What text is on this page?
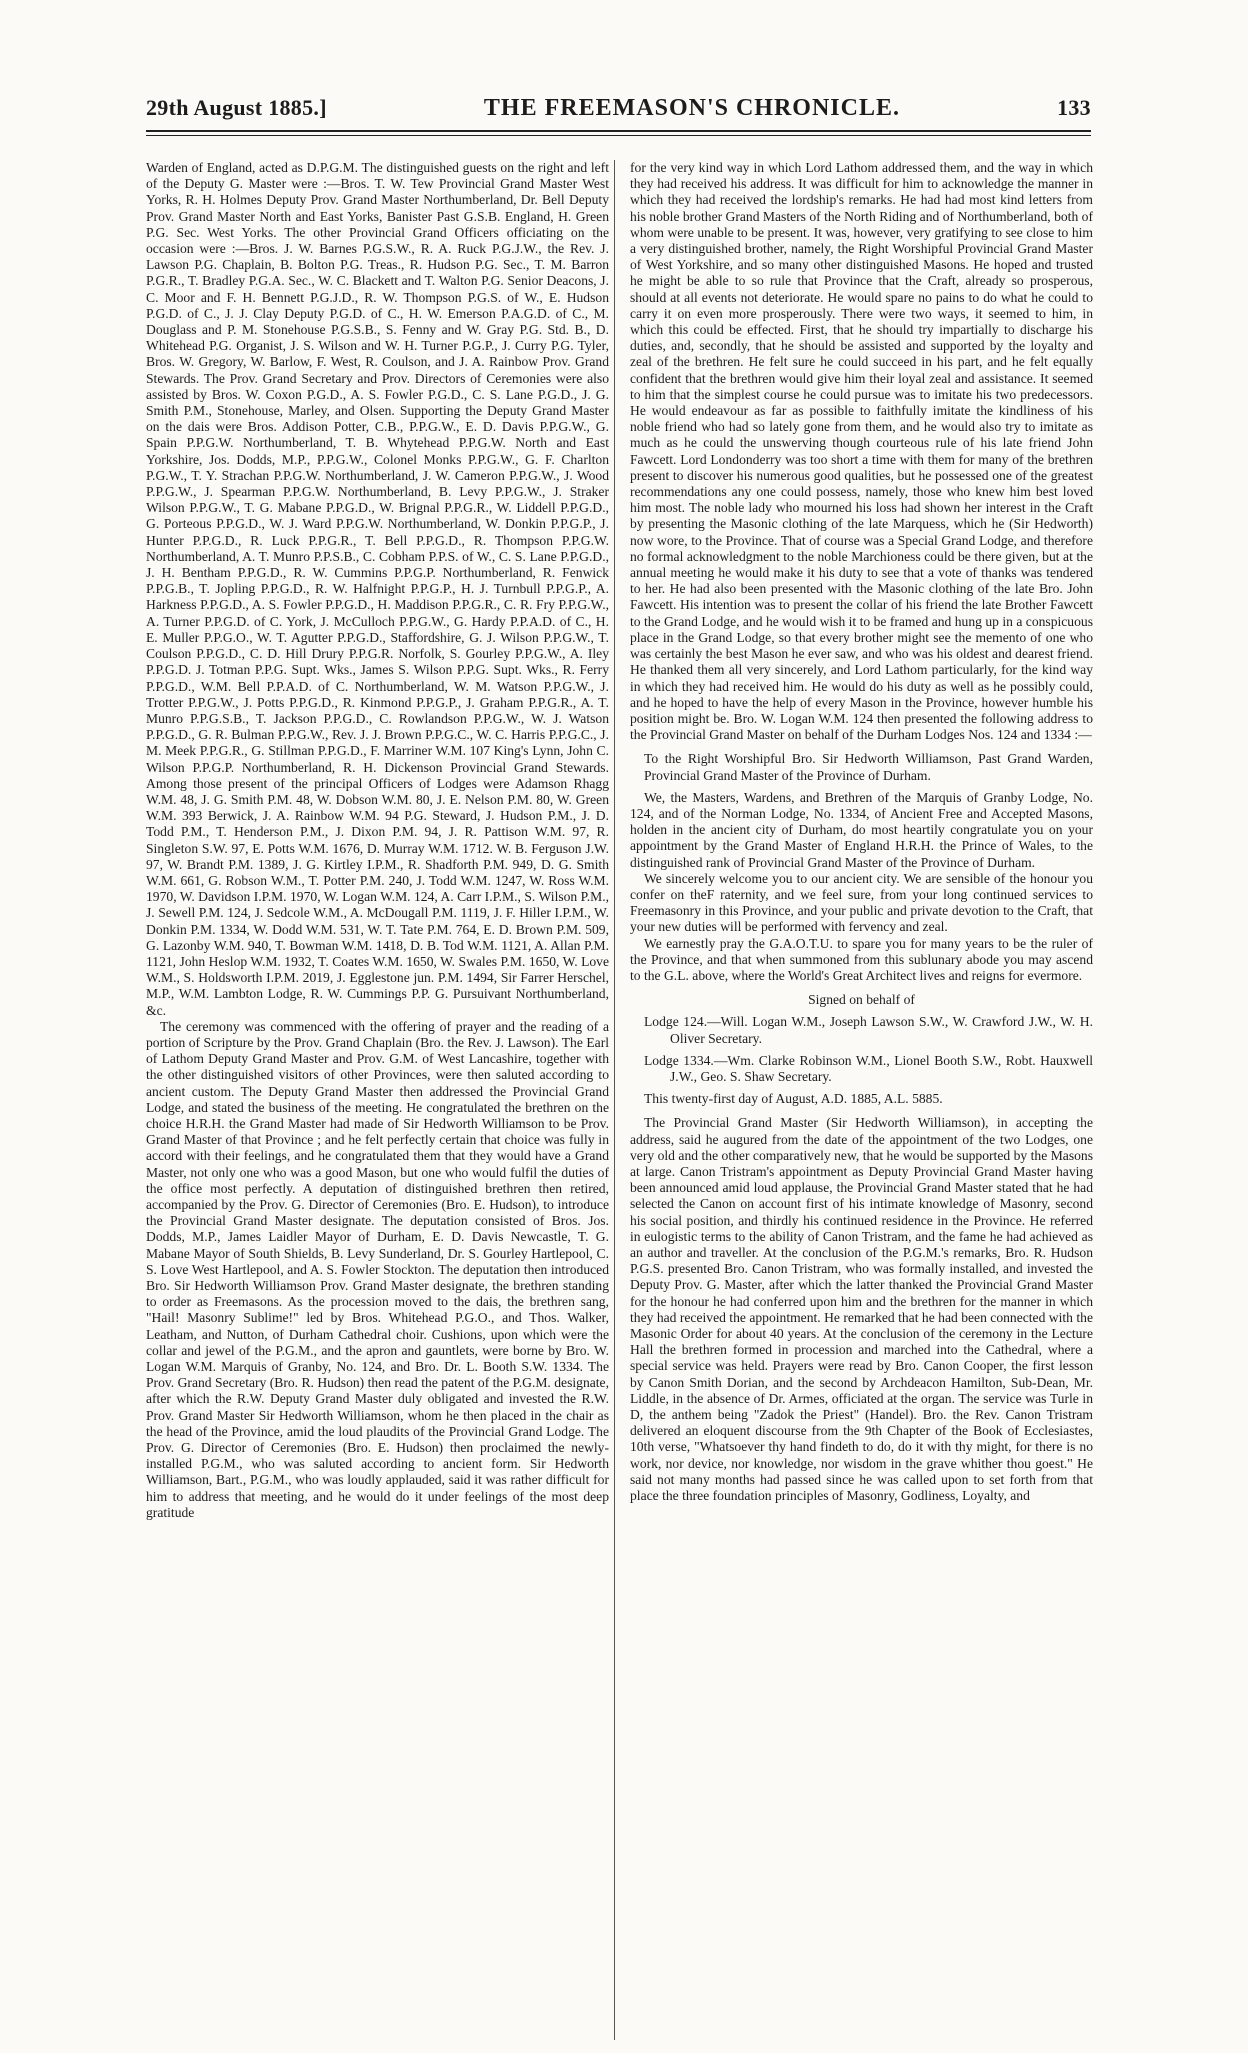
29th August 1885.]	THE FREEMASON'S CHRONICLE.	133

Warden of England, acted as D.P.G.M. The distinguished guests on the right and left of the Deputy G. Master were :—Bros. T. W. Tew Provincial Grand Master West Yorks, R. H. Holmes Deputy Prov. Grand Master Northumberland, Dr. Bell Deputy Prov. Grand Master North and East Yorks, Banister Past G.S.B. England, H. Green P.G. Sec. West Yorks. The other Provincial Grand Officers officiating on the occasion were :—Bros. J. W. Barnes P.G.S.W., R. A. Ruck P.G.J.W., the Rev. J. Lawson P.G. Chaplain, B. Bolton P.G. Treas., R. Hudson P.G. Sec., T. M. Barron P.G.R., T. Bradley P.G.A. Sec., W. C. Blackett and T. Walton P.G. Senior Deacons, J. C. Moor and F. H. Bennett P.G.J.D., R. W. Thompson P.G.S. of W., E. Hudson P.G.D. of C., J. J. Clay Deputy P.G.D. of C., H. W. Emerson P.A.G.D. of C., M. Douglass and P. M. Stonehouse P.G.S.B., S. Fenny and W. Gray P.G. Std. B., D. Whitehead P.G. Organist, J. S. Wilson and W. H. Turner P.G.P., J. Curry P.G. Tyler, Bros. W. Gregory, W. Barlow, F. West, R. Coulson, and J. A. Rainbow Prov. Grand Stewards. The Prov. Grand Secretary and Prov. Directors of Ceremonies were also assisted by Bros. W. Coxon P.G.D., A. S. Fowler P.G.D., C. S. Lane P.G.D., J. G. Smith P.M., Stonehouse, Marley, and Olsen. Supporting the Deputy Grand Master on the dais were Bros. Addison Potter, C.B., P.P.G.W., E. D. Davis P.P.G.W., G. Spain P.P.G.W. Northumberland, T. B. Whytehead P.P.G.W. North and East Yorkshire, Jos. Dodds, M.P., P.P.G.W., Colonel Monks P.P.G.W., G. F. Charlton P.G.W., T. Y. Strachan P.P.G.W. Northumberland, J. W. Cameron P.P.G.W., J. Wood P.P.G.W., J. Spearman P.P.G.W. Northumberland, B. Levy P.P.G.W., J. Straker Wilson P.P.G.W., T. G. Mabane P.P.G.D., W. Brignal P.P.G.R., W. Liddell P.P.G.D., G. Porteous P.P.G.D., W. J. Ward P.P.G.W. Northumberland, W. Donkin P.P.G.P., J. Hunter P.P.G.D., R. Luck P.P.G.R., T. Bell P.P.G.D., R. Thompson P.P.G.W. Northumberland, A. T. Munro P.P.S.B., C. Cobham P.P.S. of W., C. S. Lane P.P.G.D., J. H. Bentham P.P.G.D., R. W. Cummins P.P.G.P. Northumberland, R. Fenwick P.P.G.B., T. Jopling P.P.G.D., R. W. Halfnight P.P.G.P., H. J. Turnbull P.P.G.P., A. Harkness P.P.G.D., A. S. Fowler P.P.G.D., H. Maddison P.P.G.R., C. R. Fry P.P.G.W., A. Turner P.P.G.D. of C. York, J. McCulloch P.P.G.W., G. Hardy P.P.A.D. of C., H. E. Muller P.P.G.O., W. T. Agutter P.P.G.D., Staffordshire, G. J. Wilson P.P.G.W., T. Coulson P.P.G.D., C. D. Hill Drury P.P.G.R. Norfolk, S. Gourley P.P.G.W., A. Iley P.P.G.D. J. Totman P.P.G. Supt. Wks., James S. Wilson P.P.G. Supt. Wks., R. Ferry P.P.G.D., W.M. Bell P.P.A.D. of C. Northumberland, W. M. Watson P.P.G.W., J. Trotter P.P.G.W., J. Potts P.P.G.D., R. Kinmond P.P.G.P., J. Graham P.P.G.R., A. T. Munro P.P.G.S.B., T. Jackson P.P.G.D., C. Rowlandson P.P.G.W., W. J. Watson P.P.G.D., G. R. Bulman P.P.G.W., Rev. J. J. Brown P.P.G.C., W. C. Harris P.P.G.C., J. M. Meek P.P.G.R., G. Stillman P.P.G.D., F. Marriner W.M. 107 King's Lynn, John C. Wilson P.P.G.P. Northumberland, R. H. Dickenson Provincial Grand Stewards. Among those present of the principal Officers of Lodges were Adamson Rhagg W.M. 48, J. G. Smith P.M. 48, W. Dobson W.M. 80, J. E. Nelson P.M. 80, W. Green W.M. 393 Berwick, J. A. Rainbow W.M. 94 P.G. Steward, J. Hudson P.M., J. D. Todd P.M., T. Henderson P.M., J. Dixon P.M. 94, J. R. Pattison W.M. 97, R. Singleton S.W. 97, E. Potts W.M. 1676, D. Murray W.M. 1712. W. B. Ferguson J.W. 97, W. Brandt P.M. 1389, J. G. Kirtley I.P.M., R. Shadforth P.M. 949, D. G. Smith W.M. 661, G. Robson W.M., T. Potter P.M. 240, J. Todd W.M. 1247, W. Ross W.M. 1970, W. Davidson I.P.M. 1970, W. Logan W.M. 124, A. Carr I.P.M., S. Wilson P.M., J. Sewell P.M. 124, J. Sedcole W.M., A. McDougall P.M. 1119, J. F. Hiller I.P.M., W. Donkin P.M. 1334, W. Dodd W.M. 531, W. T. Tate P.M. 764, E. D. Brown P.M. 509, G. Lazonby W.M. 940, T. Bowman W.M. 1418, D. B. Tod W.M. 1121, A. Allan P.M. 1121, John Heslop W.M. 1932, T. Coates W.M. 1650, W. Swales P.M. 1650, W. Love W.M., S. Holdsworth I.P.M. 2019, J. Egglestone jun. P.M. 1494, Sir Farrer Herschel, M.P., W.M. Lambton Lodge, R. W. Cummings P.P. G. Pursuivant Northumberland, &c.

The ceremony was commenced with the offering of prayer and the reading of a portion of Scripture by the Prov. Grand Chaplain (Bro. the Rev. J. Lawson). The Earl of Lathom Deputy Grand Master and Prov. G.M. of West Lancashire, together with the other distinguished visitors of other Provinces, were then saluted according to ancient custom. The Deputy Grand Master then addressed the Provincial Grand Lodge, and stated the business of the meeting. He congratulated the brethren on the choice H.R.H. the Grand Master had made of Sir Hedworth Williamson to be Prov. Grand Master of that Province ; and he felt perfectly certain that choice was fully in accord with their feelings, and he congratulated them that they would have a Grand Master, not only one who was a good Mason, but one who would fulfil the duties of the office most perfectly. A deputation of distinguished brethren then retired, accompanied by the Prov. G. Director of Ceremonies (Bro. E. Hudson), to introduce the Provincial Grand Master designate. The deputation consisted of Bros. Jos. Dodds, M.P., James Laidler Mayor of Durham, E. D. Davis Newcastle, T. G. Mabane Mayor of South Shields, B. Levy Sunderland, Dr. S. Gourley Hartlepool, C. S. Love West Hartlepool, and A. S. Fowler Stockton. The deputation then introduced Bro. Sir Hedworth Williamson Prov. Grand Master designate, the brethren standing to order as Freemasons. As the procession moved to the dais, the brethren sang, "Hail! Masonry Sublime!" led by Bros. Whitehead P.G.O., and Thos. Walker, Leatham, and Nutton, of Durham Cathedral choir. Cushions, upon which were the collar and jewel of the P.G.M., and the apron and gauntlets, were borne by Bro. W. Logan W.M. Marquis of Granby, No. 124, and Bro. Dr. L. Booth S.W. 1334. The Prov. Grand Secretary (Bro. R. Hudson) then read the patent of the P.G.M. designate, after which the R.W. Deputy Grand Master duly obligated and invested the R.W. Prov. Grand Master Sir Hedworth Williamson, whom he then placed in the chair as the head of the Province, amid the loud plaudits of the Provincial Grand Lodge. The Prov. G. Director of Ceremonies (Bro. E. Hudson) then proclaimed the newly-installed P.G.M., who was saluted according to ancient form. Sir Hedworth Williamson, Bart., P.G.M., who was loudly applauded, said it was rather difficult for him to address that meeting, and he would do it under feelings of the most deep gratitude

for the very kind way in which Lord Lathom addressed them, and the way in which they had received his address. It was difficult for him to acknowledge the manner in which they had received the lordship's remarks. He had had most kind letters from his noble brother Grand Masters of the North Riding and of Northumberland, both of whom were unable to be present. It was, however, very gratifying to see close to him a very distinguished brother, namely, the Right Worshipful Provincial Grand Master of West Yorkshire, and so many other distinguished Masons. He hoped and trusted he might be able to so rule that Province that the Craft, already so prosperous, should at all events not deteriorate. He would spare no pains to do what he could to carry it on even more prosperously. There were two ways, it seemed to him, in which this could be effected. First, that he should try impartially to discharge his duties, and, secondly, that he should be assisted and supported by the loyalty and zeal of the brethren. He felt sure he could succeed in his part, and he felt equally confident that the brethren would give him their loyal zeal and assistance. It seemed to him that the simplest course he could pursue was to imitate his two predecessors. He would endeavour as far as possible to faithfully imitate the kindliness of his noble friend who had so lately gone from them, and he would also try to imitate as much as he could the unswerving though courteous rule of his late friend John Fawcett. Lord Londonderry was too short a time with them for many of the brethren present to discover his numerous good qualities, but he possessed one of the greatest recommendations any one could possess, namely, those who knew him best loved him most. The noble lady who mourned his loss had shown her interest in the Craft by presenting the Masonic clothing of the late Marquess, which he (Sir Hedworth) now wore, to the Province. That of course was a Special Grand Lodge, and therefore no formal acknowledgment to the noble Marchioness could be there given, but at the annual meeting he would make it his duty to see that a vote of thanks was tendered to her. He had also been presented with the Masonic clothing of the late Bro. John Fawcett. His intention was to present the collar of his friend the late Brother Fawcett to the Grand Lodge, and he would wish it to be framed and hung up in a conspicuous place in the Grand Lodge, so that every brother might see the memento of one who was certainly the best Mason he ever saw, and who was his oldest and dearest friend. He thanked them all very sincerely, and Lord Lathom particularly, for the kind way in which they had received him. He would do his duty as well as he possibly could, and he hoped to have the help of every Mason in the Province, however humble his position might be. Bro. W. Logan W.M. 124 then presented the following address to the Provincial Grand Master on behalf of the Durham Lodges Nos. 124 and 1334 :—

To the Right Worshipful Bro. Sir Hedworth Williamson, Past Grand Warden, Provincial Grand Master of the Province of Durham.

We, the Masters, Wardens, and Brethren of the Marquis of Granby Lodge, No. 124, and of the Norman Lodge, No. 1334, of Ancient Free and Accepted Masons, holden in the ancient city of Durham, do most heartily congratulate you on your appointment by the Grand Master of England H.R.H. the Prince of Wales, to the distinguished rank of Provincial Grand Master of the Province of Durham.

We sincerely welcome you to our ancient city. We are sensible of the honour you confer on theF raternity, and we feel sure, from your long continued services to Freemasonry in this Province, and your public and private devotion to the Craft, that your new duties will be performed with fervency and zeal.

We earnestly pray the G.A.O.T.U. to spare you for many years to be the ruler of the Province, and that when summoned from this sublunary abode you may ascend to the G.L. above, where the World's Great Architect lives and reigns for evermore.

Signed on behalf of

Lodge 124.—Will. Logan W.M., Joseph Lawson S.W., W. Crawford J.W., W. H. Oliver Secretary.

Lodge 1334.—Wm. Clarke Robinson W.M., Lionel Booth S.W., Robt. Hauxwell J.W., Geo. S. Shaw Secretary.

This twenty-first day of August, A.D. 1885, A.L. 5885.

The Provincial Grand Master (Sir Hedworth Williamson), in accepting the address, said he augured from the date of the appointment of the two Lodges, one very old and the other comparatively new, that he would be supported by the Masons at large. Canon Tristram's appointment as Deputy Provincial Grand Master having been announced amid loud applause, the Provincial Grand Master stated that he had selected the Canon on account first of his intimate knowledge of Masonry, second his social position, and thirdly his continued residence in the Province. He referred in eulogistic terms to the ability of Canon Tristram, and the fame he had achieved as an author and traveller. At the conclusion of the P.G.M.'s remarks, Bro. R. Hudson P.G.S. presented Bro. Canon Tristram, who was formally installed, and invested the Deputy Prov. G. Master, after which the latter thanked the Provincial Grand Master for the honour he had conferred upon him and the brethren for the manner in which they had received the appointment. He remarked that he had been connected with the Masonic Order for about 40 years. At the conclusion of the ceremony in the Lecture Hall the brethren formed in procession and marched into the Cathedral, where a special service was held. Prayers were read by Bro. Canon Cooper, the first lesson by Canon Smith Dorian, and the second by Archdeacon Hamilton, Sub-Dean, Mr. Liddle, in the absence of Dr. Armes, officiated at the organ. The service was Turle in D, the anthem being "Zadok the Priest" (Handel). Bro. the Rev. Canon Tristram delivered an eloquent discourse from the 9th Chapter of the Book of Ecclesiastes, 10th verse, "Whatsoever thy hand findeth to do, do it with thy might, for there is no work, nor device, nor knowledge, nor wisdom in the grave whither thou goest." He said not many months had passed since he was called upon to set forth from that place the three foundation principles of Masonry, Godliness, Loyalty, and
